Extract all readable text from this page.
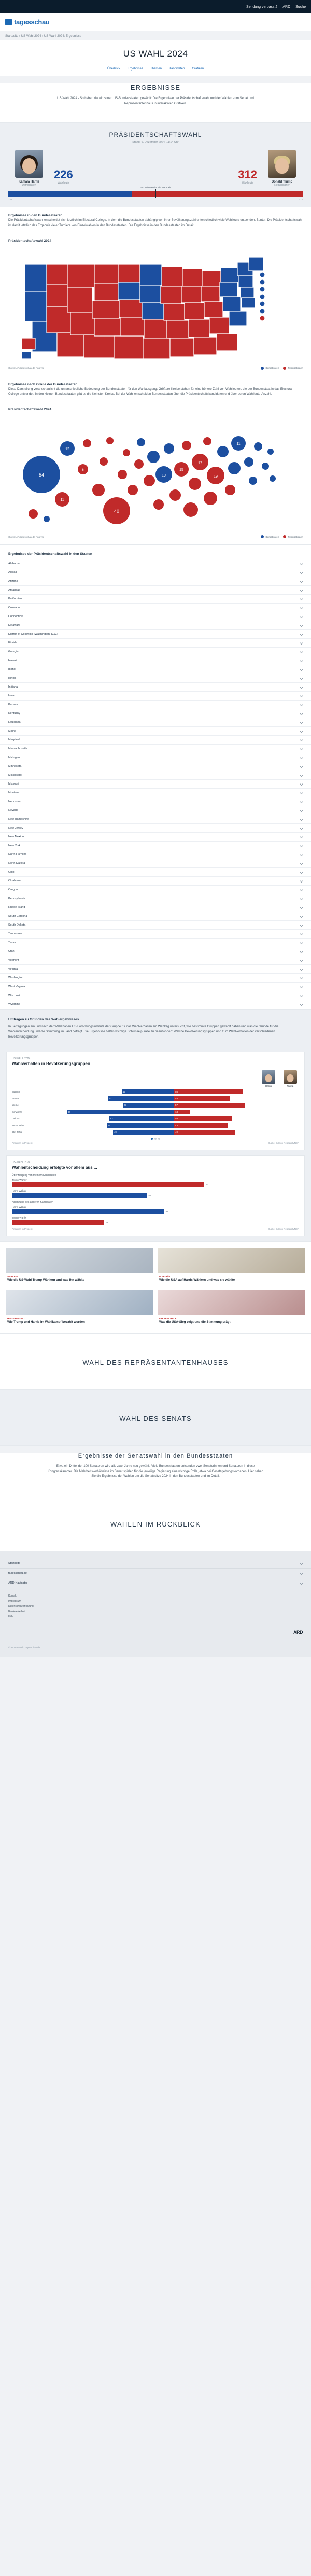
Sendung verpasst? ARD Suche
tagesschau
Startseite › US-Wahl 2024 › US-Wahl 2024: Ergebnisse
US WAHL 2024
Überblick Ergebnisse Themen Kandidaten Grafiken
ERGEBNISSE
US-Wahl 2024 - So haben die einzelnen US-Bundesstaaten gewählt: Die Ergebnisse der Präsidentschaftswahl und der Wahlen zum Senat und Repräsentantenhaus in interaktiven Grafiken.
PRÄSIDENTSCHAFTSWAHL
Stand: 6. Dezember 2024, 11:14 Uhr
Kamala Harris
Demokraten
226
Wahlleute
312
Wahlleute	Donald Trump
Republikaner
270 Stimmen für die Mehrheit
226	312
Ergebnisse in den Bundesstaaten
Die Präsidentschaftswahl entscheidet sich letztlich im Electoral College, in dem die Bundesstaaten abhängig von ihrer Bevölkerungszahl unterschiedlich viele Wahlleute entsenden. Bunter: Die Präsidentschaftswahl ist damit letztlich das Ergebnis vieler Turniere von Einzelwahlen in den Bundesstaaten. Die Ergebnisse in den Bundesstaaten im Detail:
Präsidentschaftswahl 2024
Quelle: AP/tagesschau.de-Analyse	Demokraten	Republikaner
Ergebnisse nach Größe der Bundesstaaten
Diese Darstellung veranschaulicht die unterschiedliche Bedeutung der Bundesstaaten für den Wahlausgang: Größere Kreise stehen für eine höhere Zahl von Wahlleuten, die der Bundesstaat in das Electoral College entsendet. In den kleinen Bundesstaaten gibt es die kleinsten Kreise. Bei der Wahl entscheiden Bundesstaaten über die Präsidentschaftskandidaten und über deren Wahlleute-Anzahl.
Präsidentschaftswahl 2024
54
12
11
6
40
19
15
17
19
11
Quelle: AP/tagesschau.de-Analyse	Demokraten	Republikaner
Ergebnisse der Präsidentschaftswahl in den Staaten
Alabama
Alaska
Arizona
Arkansas
Kalifornien
Colorado
Connecticut
Delaware
District of Columbia (Washington, D.C.)
Florida
Georgia
Hawaii
Idaho
Illinois
Indiana
Iowa
Kansas
Kentucky
Louisiana
Maine
Maryland
Massachusetts
Michigan
Minnesota
Mississippi
Missouri
Montana
Nebraska
Nevada
New Hampshire
New Jersey
New Mexico
New York
North Carolina
North Dakota
Ohio
Oklahoma
Oregon
Pennsylvania
Rhode Island
South Carolina
South Dakota
Tennessee
Texas
Utah
Vermont
Virginia
Washington
West Virginia
Wisconsin
Wyoming
Umfragen zu Gründen des Wahlergebnisses
In Befragungen am und nach der Wahl haben US-Forschungsinstitute der Gruppe für das Wahlverhalten am Wahltag untersucht, wie bestimmte Gruppen gewählt haben und was die Gründe für die Wahlentscheidung und die Stimmung im Land gefragt. Die Ergebnisse helfen wichtige Schlüsselpunkte zu beantworten: Welche Bevölkerungsgruppen und zum Wahlverhalten der verschiedenen Bevölkerungsgruppen.
US-WAHL 2024
Wahlverhalten in Bevölkerungsgruppen
Harris	Trump
Männer	42	55
Frauen	53	45
Weiße	41	57
Schwarze	86	13
Latinos	52	46
18-29 Jahre	54	43
65+ Jahre	49	49
Angaben in Prozent	Quelle: Edison Research/NEP
US-WAHL 2024
Wahlentscheidung erfolgte vor allem aus ...
Überzeugung von meinem Kandidaten
Trump-Wähler
67
Harris-Wähler
47
Ablehnung des anderen Kandidaten
Harris-Wähler
53
Trump-Wähler
32
Angaben in Prozent	Quelle: Edison Research/NEP
ANALYSE
Wie die US-Wahl Trump Wählern und was ihn wählte
PORTRÄT
Wie die USA auf Harris Wählern und was sie wählte
HINTERGRUND
Wie Trump und Harris im Wahlkampf bezahlt wurden
FAKTENCHECK
Was die USA-Sieg zeigt und die Stimmung prägt
WAHL DES REPRÄSENTANTENHAUSES
WAHL DES SENATS
Ergebnisse der Senatswahl in den Bundesstaaten
Etwa ein Drittel der 100 Senatoren wird alle zwei Jahre neu gewählt. Viele Bundesstaaten entsenden zwei Senatorinnen und Senatoren in diese Kongresskammer. Die Mehrheitsverhältnisse im Senat spielen für die jeweilige Regierung eine wichtige Rolle, etwa bei Gesetzgebungsvorhaben. Hier sehen Sie die Ergebnisse der Wahlen um die Senatssitze 2024 in den Bundesstaaten und im Detail.
WAHLEN IM RÜCKBLICK
Startseite
tagesschau.de
ARD-Navigator
Kontakt
Impressum
Datenschutzerklärung
Barrierefreiheit
Hilfe
ARD
© ARD-aktuell / tagesschau.de
